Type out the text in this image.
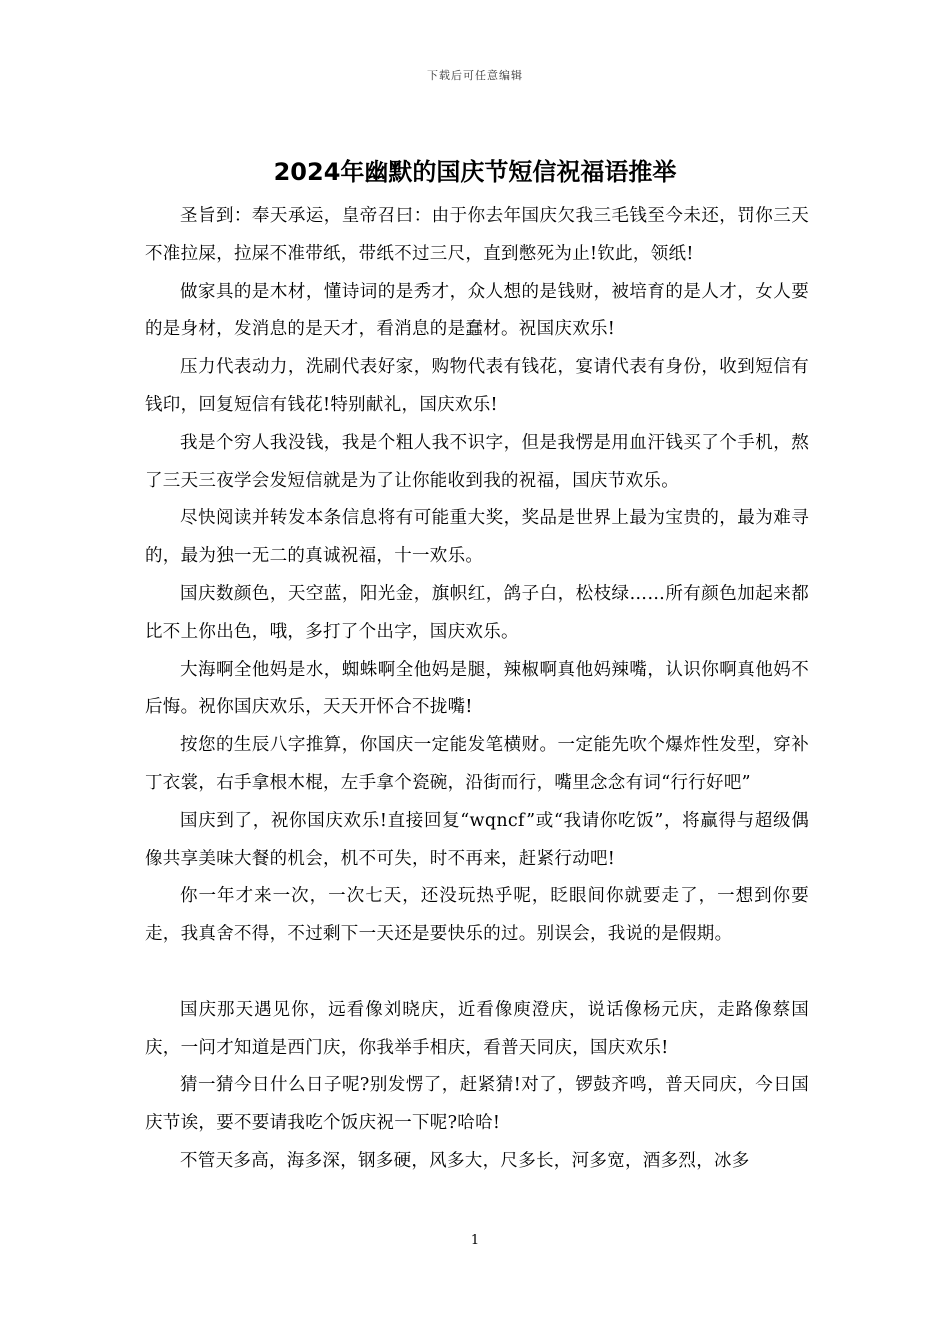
下载后可任意编辑
2024年幽默的国庆节短信祝福语推举

圣旨到：奉天承运，皇帝召曰：由于你去年国庆欠我三毛钱至今未还，罚你三天不准拉屎，拉屎不准带纸，带纸不过三尺，直到憋死为止!钦此，领纸!

做家具的是木材，懂诗词的是秀才，众人想的是钱财，被培育的是人才，女人要的是身材，发消息的是天才，看消息的是蠢材。祝国庆欢乐!

压力代表动力，洗刷代表好家，购物代表有钱花，宴请代表有身份，收到短信有钱印，回复短信有钱花!特别献礼，国庆欢乐!

我是个穷人我没钱，我是个粗人我不识字，但是我愣是用血汗钱买了个手机，熬了三天三夜学会发短信就是为了让你能收到我的祝福，国庆节欢乐。

尽快阅读并转发本条信息将有可能重大奖，奖品是世界上最为宝贵的，最为难寻的，最为独一无二的真诚祝福，十一欢乐。

国庆数颜色，天空蓝，阳光金，旗帜红，鸽子白，松枝绿……所有颜色加起来都比不上你出色，哦，多打了个出字，国庆欢乐。

大海啊全他妈是水，蜘蛛啊全他妈是腿，辣椒啊真他妈辣嘴，认识你啊真他妈不后悔。祝你国庆欢乐，天天开怀合不拢嘴!

按您的生辰八字推算，你国庆一定能发笔横财。一定能先吹个爆炸性发型，穿补丁衣裳，右手拿根木棍，左手拿个瓷碗，沿街而行，嘴里念念有词“行行好吧”

国庆到了，祝你国庆欢乐!直接回复“wqncf”或“我请你吃饭”，将赢得与超级偶像共享美味大餐的机会，机不可失，时不再来，赶紧行动吧!

你一年才来一次，一次七天，还没玩热乎呢，眨眼间你就要走了，一想到你要走，我真舍不得，不过剩下一天还是要快乐的过。别误会，我说的是假期。

国庆那天遇见你，远看像刘晓庆，近看像庾澄庆，说话像杨元庆，走路像蔡国庆，一问才知道是西门庆，你我举手相庆，看普天同庆，国庆欢乐!

猜一猜今日什么日子呢?别发愣了，赶紧猜!对了，锣鼓齐鸣，普天同庆，今日国庆节诶，要不要请我吃个饭庆祝一下呢?哈哈!

不管天多高，海多深，钢多硬，风多大，尺多长，河多宽，酒多烈，冰多

1
